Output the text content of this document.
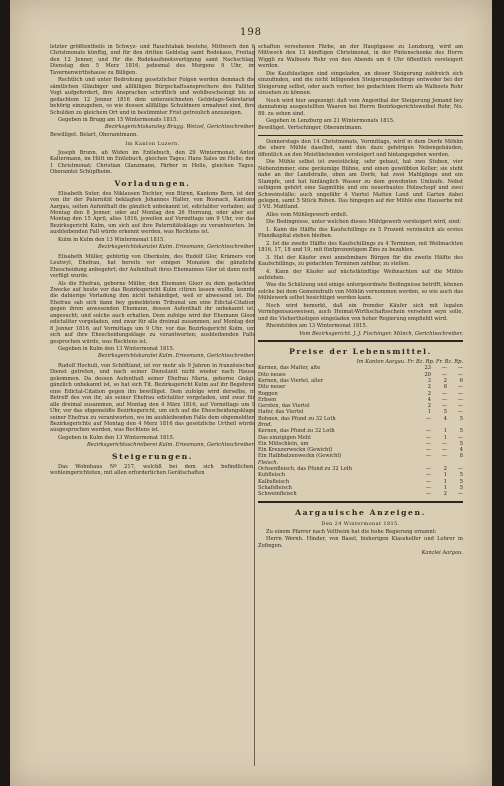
198

letzter größtentheils in Schwyz- und Rauchtabak bestehe, Mittwoch den 6 Christmonats künftig, und für den dritten Geldstag samt Rodekaus, Freitag den 12 Jenner, und für die Rodekaufsnotsvertigung samt Nachschlag, Dienstag den 5 Merz 1816, jedesmal des Morgens 9 Uhr, im Tavernenwirthshause zu Billigen.

Rechtlich und unter Bedrohung gesetzlicher Folgen werden demnach die sämtlichen Gläubiger und allfälligen Bürgschaftsansprechere des Falliten Vogt aufgefordert, ihre Ansprachen schriftlich und wohlbescheinigt bis zu gedachtem 12 Jenner 1816 dem unterzeichneten Geldstags-Sekretariat behörig einzugeben, so wie dessen allfällige Schuldnere ermahnet sind, ihre Schulden zu gleichem Ort und in bestimmter Frist getreulich anzuzeigen.

Gegeben in Brugg am 15 Wintermonats 1815.

Bezirksgerichtskanzley Brugg. Wetzel, Gerichtsschreiber.

Bewilliget. Belart, Oberamtmann.

Im Kanton Luzern.

Joseph Brunn, ab Widen im Entlebuch, den 29 Wintermonat; Anton Kaltermann, im Hütt im Entlebuch, gleichen Tages; Hans Sales im Holle; den 1 Christmonat; Christian Glanzmann, Färber in Holle, gleichen Tages. Oberamtei Schüpfheim.

Vorladungen.

Elisabeth Suter, des Niklausen Tochter, von Büren, Kantons Bern, ist den von ihr der Paternität beklagten Johannes Haller, von Rosnach, Kantons Aargau, seiten Aufenthalt die gänzlich unbekannt ist, edictaliter vorladen; auf Montag den 8 Jenner, oder auf Montag den 26 Hornung, oder aber auf Montag den 15 April, alles 1816, jeweilen auf Vormittags um 9 Uhr, vor das Bezirksgericht Kulm, um sich auf ihre Paternitätsklage zu verantworten. Im ausbleibenden Fall würde erkennt werden, was Rechtens ist.

Kulm in Kulm den 13 Wintermonat 1815.

Bezirksgerichtskanzlei Kulm. Eriesmann, Gerichtsschreiber.

Elisabeth Müller, gebürtig von Oberkulm, des Rudolf Glor, Krämers von Leutwyl, Ehefrau, hat bereits vor einigen Monaten die gänzliche Ehescheidung anbegehrt; der Aufenthalt ihres Ehemannes Glor ist dann nicht verfügt wurde.

Als die Ehefrau, geborne Müller, den Ehemann Gloor zu dem gedachten Zwecke auf heute vor das Bezirksgericht Kulm citiren lassen wollte, konnte die dahierige Vorladung ihm nicht behändiget, weil er abwesend ist. Die Ehefrau sah sich dann bey gemeldetem Tribunal um eine Edictal-Citation gegen ihren anwesenden Ehemann, dessen Aufenthalt ihr unbekannt ist, angesucht; und solche auch erhalten. Dem zufolge wird der Ehemann Gloor edictaliter vorgeladen, und zwar für alle dreimal zusammen, auf Montag den 8 Jenner 1816, auf Vormittags um 9 Uhr, vor das Bezirksgericht Kulm, um sich auf ihre Ehescheidungsklage zu verantworten; ausbleibenden Falls gesprochen würde, was Rechtens ist.

Gegeben in Kulm den 13 Wintermonat 1815.

Bezirksgerichtskanzlei Kulm. Eriesmann, Gerichtsschreiber.

Rudolf Hochuli, von Schöftland, ist vor mehr als 9 Jahren in französischen Dienst getreten, und nach seiner Dienstzeit nicht wieder nach Hause gekommen. Da dessen Aufenthalt seiner Ehefrau Maria, geborne Gnägi, gänzlich unbekannt ist, so hat sich Tit. Bezirksgericht Kulm auf ihr Begehren eine Edictal-Citation gegen ihn bewilliget. Dem zufolge wird derselbe, in Betreff des von ihr, als seiner Ehefrau edictaliter vorgeladen, und zwar für alle dreimal zusammen, auf Montag den 4 März 1816, auf Vormittags um 9 Uhr, vor das obgemeldte Bezirksgericht, um sich auf die Ehescheidungsklage seiner Ehefrau zu verantworten, wo im ausbleibenden Falle dem obgemeldten Bezirksgerichte auf Montag den 4 Merz 1816 das gesetzliche Urtheil würde ausgesprochen werden, was Rechtens ist.

Gegeben in Kulm den 13 Wintermonat 1815.

Bezirksgerichtsschreiberei Kulm. Eriesmann, Gerichtsschreiber.

Steigerungen.

Das Wohnhaus Nº 217, welchß bei dem sich befindlichen, wohleingerichteten, mit allen erforderlichen Gerätschaften

schaften versehenen Färbe, an der Hauptgasse zu Lenzburg, wird am Mittwoch den 13 künftigen Christmonat, in der Pintenschenke des Herrn Wiggli zu Walboots Rohr von den Abends um 6 Uhr öffentlich versteigert werden.

Die Kaufslustigen sind eingeladen, an dieser Steigerung zahlreich sich einzufinden, und die nicht billigenden Steigerungsbedinge entweder bei der Steigerung selbst, oder auch vorher, bei gedachtem Herrn als Walboots Rohr einsehen zu können.

Noch wird hier angezeigt: daß vom Angenthal der Steigerung Jemand bey dannahmig ausgestellten Waaren bei Herrn Bezirksgerichtsweibel Rohr, No. 89. zu sehen sind.

Gegeben in Lenzburg am 21 Wintermonats 1815.

Bewilliget. Vertschinger, Oberamtmann.

Donnerstags den 14 Christmonats, Vormittags, wird in dem Dorfe Möhlin die ebere Mühle daselbst, samt den dazu gehörigen Nebengebäuden, öffentlich an den Meistbietenden versteigert und hintangegeben werden.

Die Mühle selbst ist zweistöckig, sehr gebaut, hat zwo Stuben, vier Nebenzimmer, eine geräumige Bühne, und einen gewölbten Keller; sie steht nahe an der Landstraße, oben am Dorfe, hat zwei Mahlgänge und ein Stampfe, und hat hinlänglich Wasser zu dem gewohnten Umlaufe. Nebst selbigem gehört eine Sagmühle und ein neuerbautes Holzschopf und zwei Schweinställe; auch ungefähr 4 Viertel Matten Land und Garten dabei gelegen, samt 5 Stück Reben. Das hingegen auf der Mühle eine Hauserbe mit 3 Vtl. Mattland.

Alles vom Mühlegewerb ordelt.

Die Bedingnisse, unter welchen dieses Mühlgewerb versteigert wird, sind:

1. Kann die Hälfte des Kaufschillings zu 5 Prozent verzinslich als erstes Pfandkapital stehen bleiben.

2. Ist die zweite Hälfte des Kaufschillings zu 4 Terminen, mit Weihnachten 1816, 17, 18 und 19, mit fünfprozentigem Zins zu bezahlen.

3. Hat der Käufer zwei annehmbare Bürgen für die zweite Hälfte des Kaufschillings, zu gedachten Terminen zahlbar, zu stellen.

4. Kann der Käufer auf nächstkünftige Weihnachten auf die Mühle aufziehen.

Was die Schätzung und einige untergeordnete Bedingnisse betrifft, können solche bei dem Gemeindrath von Möhlin vernommen werden, so wie auch das Mühlewerk selbst besichtiget werden kann.

Noch wird bemerkt, daß ein fremder Käufer sich mit legalen Vermögensausweisen, auch Heimat-Wirthschaftsschein versehen seyn solle, und die Viehertlustigen eingeladen von hoher Regierung empfiehlt wird.

Rheinfelden am 13 Wintermonat 1815.

Vom Bezirksgericht. J. J. Fischinger. Münch, Gerichtsschreiber.

Preise der Lebensmittel.

Im Kanton Aargau. Fr. Bz. Rp. Fr. Bz. Rp.			
Kernen, das Malter, alte	23	—	—
Dito neues	20	—	—
Kernen, das Viertel, alter	3	2	6
Dito neuer	2	8	—
Roggen	2	—	—
Erbsen	4	—	—
Gersten, das Viertel	2	—	—
Hafer, das Viertel	1	5	—
Bohnen, das Pfund zu 32 Loth	—	4	5
Brod.			
Kernen, das Pfund zu 32 Loth	—	1	5
Das einzigigen Mehl	—	1	—
Ein Mütschlein, um	—	—	5
Ein Kreuzerweckn (Gewicht)	—	—	4
Ein Halbbatzenweckn (Gewicht)	—	—	8
Fleisch.			
Ochsenfleisch, das Pfund zu 32 Loth	—	2	—
Kuhfleisch	—	1	5
Kalbsfleisch	—	1	5
Schafsfleisch	—	1	5
Schweinfleisch	—	2	—

Aargauische Anzeigen.

Den 24 Wintermonat 1815.

Zu einem Pfarrer nach Veltheim hat die hohe Regierung ernannt:

Herrn Wernh. Hinder, von Basel, bisherigen Klasshelfer und Lehrer in Zofingen.

Kanzlei Aargau.
